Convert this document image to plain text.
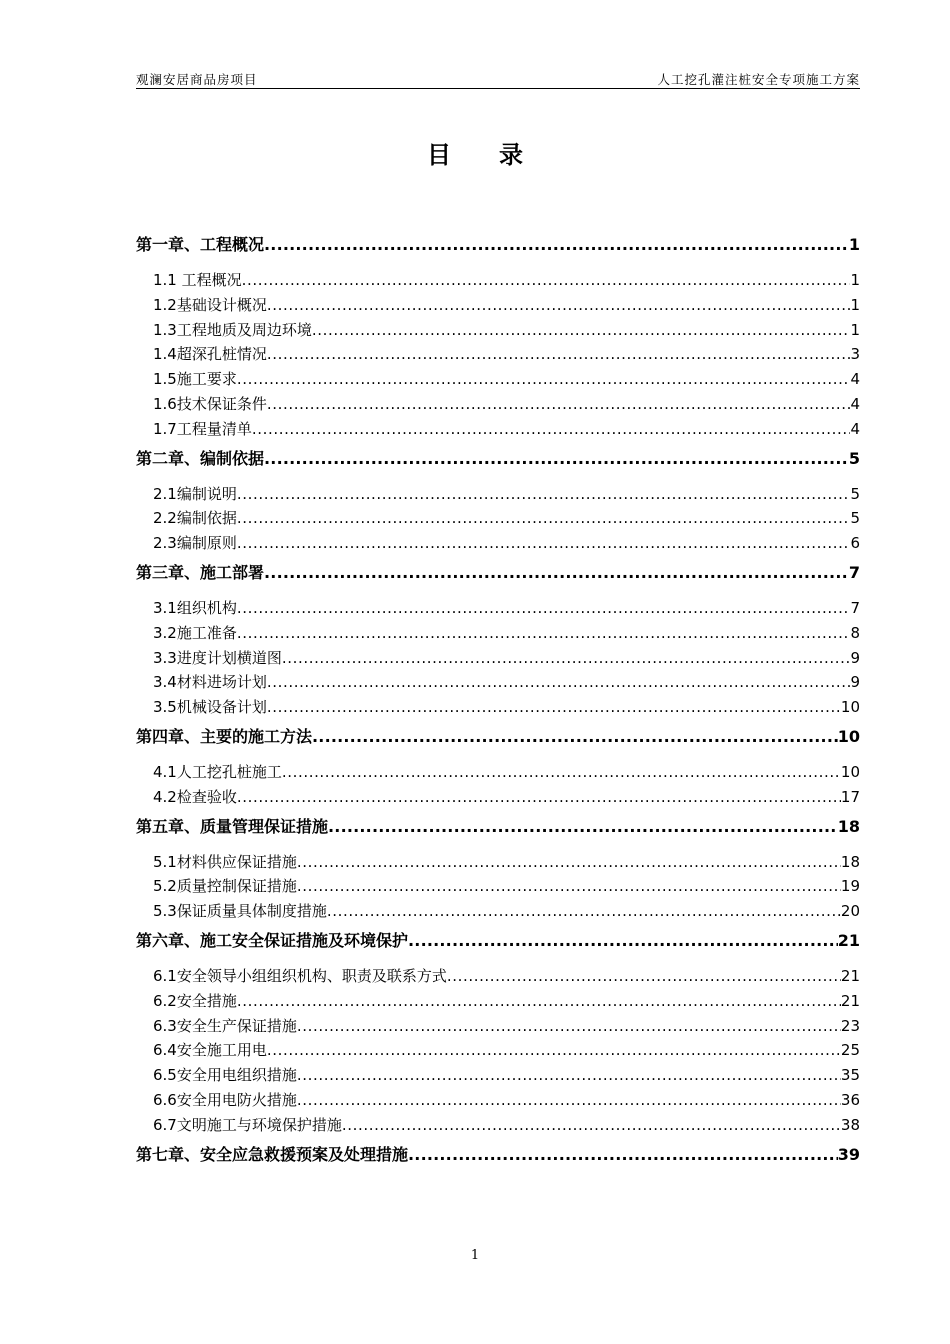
观澜安居商品房项目	人工挖孔灌注桩安全专项施工方案
目 录
第一章、工程概况 .....	1
1.1 工程概况 .....	1
1.2基础设计概况 .....	1
1.3工程地质及周边环境 .....	1
1.4超深孔桩情况 .....	3
1.5施工要求 .....	4
1.6技术保证条件 .....	4
1.7工程量清单 .....	4
第二章、编制依据 .....	5
2.1编制说明 .....	5
2.2编制依据 .....	5
2.3编制原则 .....	6
第三章、施工部署 .....	7
3.1组织机构 .....	7
3.2施工准备 .....	8
3.3进度计划横道图 .....	9
3.4材料进场计划 .....	9
3.5机械设备计划 .....	10
第四章、主要的施工方法 .....	10
4.1人工挖孔桩施工 .....	10
4.2检查验收 .....	17
第五章、质量管理保证措施 .....	18
5.1材料供应保证措施 .....	18
5.2质量控制保证措施 .....	19
5.3保证质量具体制度措施 .....	20
第六章、施工安全保证措施及环境保护 .....	21
6.1安全领导小组组织机构、职责及联系方式 .....	21
6.2安全措施 .....	21
6.3安全生产保证措施 .....	23
6.4安全施工用电 .....	25
6.5安全用电组织措施 .....	35
6.6安全用电防火措施 .....	36
6.7文明施工与环境保护措施 .....	38
第七章、安全应急救援预案及处理措施 .....	39
1
